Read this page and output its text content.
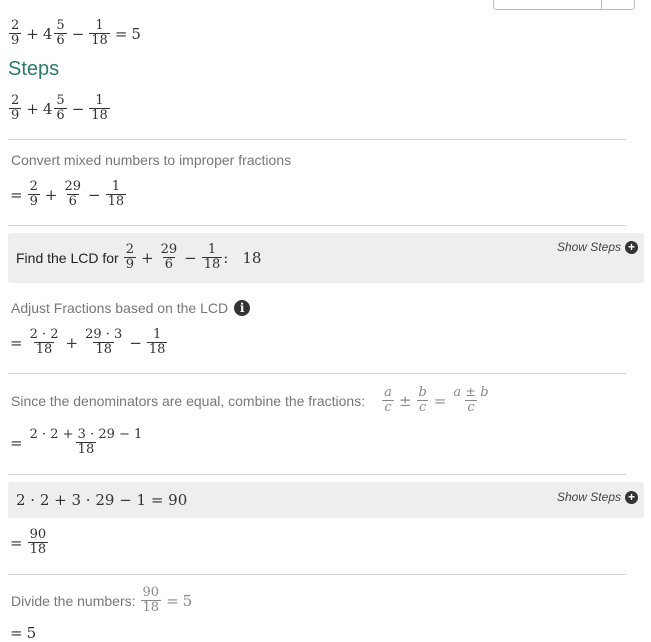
$\frac{2}{9} + 4 \frac{5}{6} - \frac{1}{18} = 5$
Steps
$\frac{2}{9} + 4 \frac{5}{6} - \frac{1}{18}$
Convert mixed numbers to improper fractions
= $\frac{2}{9} + \frac{29}{6} - \frac{1}{18}$
Find the LCD for $\frac{2}{9} + \frac{29}{6} - \frac{1}{18}$ : 18
Show Steps +
Adjust Fractions based on the LCD i
= $\frac{2 \cdot 2}{18} + \frac{29 \cdot 3}{18} - \frac{1}{18}$
Since the denominators are equal, combine the fractions: $\frac{a}{c} \pm \frac{b}{c} = \frac{a \pm b}{c}$
= $\frac{2 \cdot 2 + 3 \cdot 29 - 1}{18}$
2 · 2 + 3 · 29 − 1 = 90	Show Steps +
= $\frac{90}{18}$
Divide the numbers: $\frac{90}{18} = 5$
= 5
